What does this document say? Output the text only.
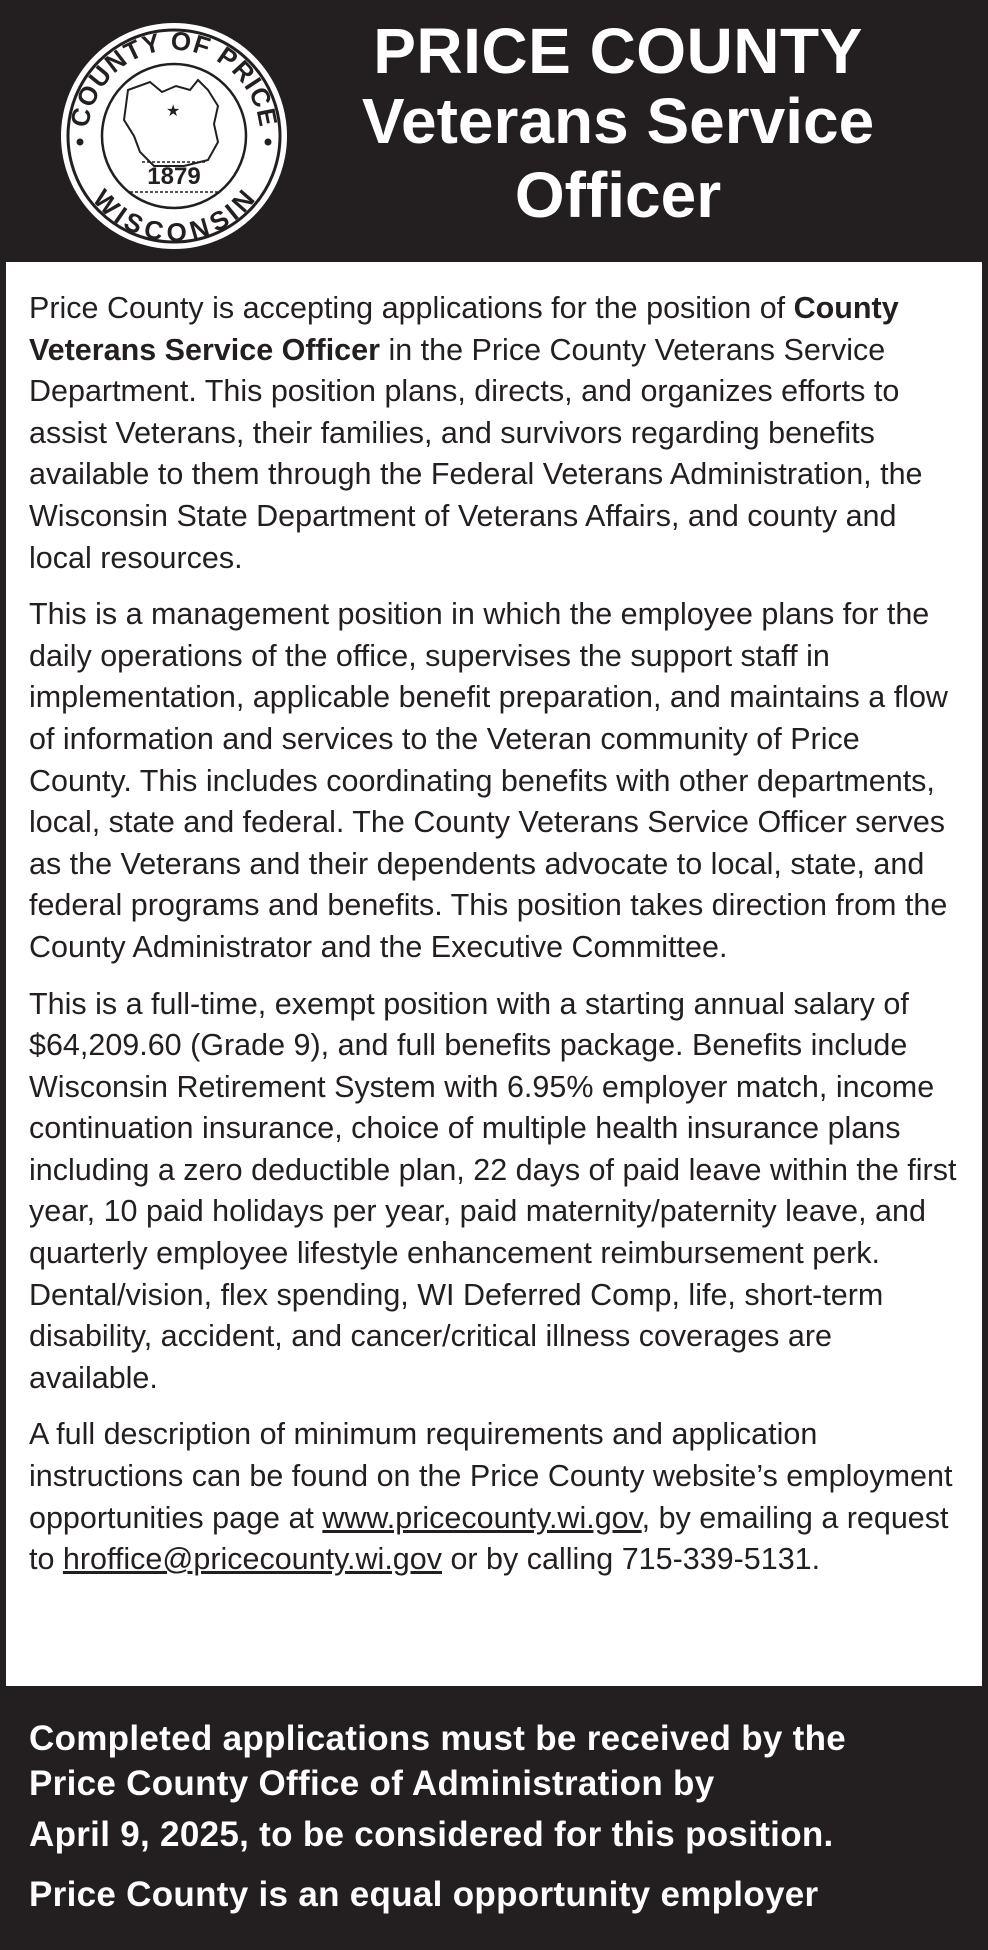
COUNTY OF PRICE
WISCONSIN
★
1879
PRICE COUNTY
Veterans Service
Officer

Price County is accepting applications for the position of County Veterans Service Officer in the Price County Veterans Service Department. This position plans, directs, and organizes efforts to assist Veterans, their families, and survivors regarding benefits available to them through the Federal Veterans Administration, the Wisconsin State Department of Veterans Affairs, and county and local resources.

This is a management position in which the employee plans for the daily operations of the office, supervises the support staff in implementation, applicable benefit preparation, and maintains a flow of information and services to the Veteran community of Price County. This includes coordinating benefits with other departments, local, state and federal. The County Veterans Service Officer serves as the Veterans and their dependents advocate to local, state, and federal programs and benefits. This position takes direction from the County Administrator and the Executive Committee.

This is a full-time, exempt position with a starting annual salary of $64,209.60 (Grade 9), and full benefits package. Benefits include Wisconsin Retirement System with 6.95% employer match, income continuation insurance, choice of multiple health insurance plans including a zero deductible plan, 22 days of paid leave within the first year, 10 paid holidays per year, paid maternity/paternity leave, and quarterly employee lifestyle enhancement reimbursement perk. Dental/vision, flex spending, WI Deferred Comp, life, short-term disability, accident, and cancer/critical illness coverages are available.

A full description of minimum requirements and application instructions can be found on the Price County website’s employment opportunities page at www.pricecounty.wi.gov, by emailing a request to hroffice@pricecounty.wi.gov or by calling 715-339-5131.

Completed applications must be received by the
Price County Office of Administration by
April 9, 2025, to be considered for this position.
Price County is an equal opportunity employer
